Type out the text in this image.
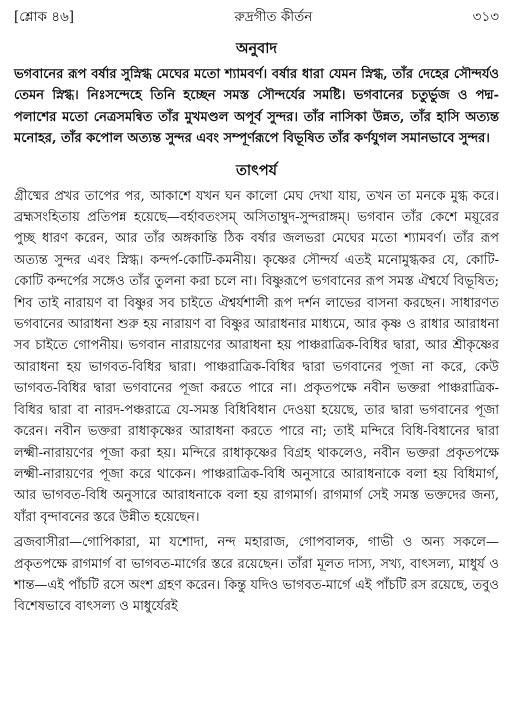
[শ্লোক ৪৬]	রুদ্রগীত কীর্তন	৩১৩
অনুবাদ

ভগবানের রূপ বর্ষার সুস্নিগ্ধ মেঘের মতো শ্যামবর্ণ। বর্ষার ধারা যেমন স্নিগ্ধ, তাঁর দেহের সৌন্দর্যও তেমন স্নিগ্ধ। নিঃসন্দেহে তিনি হচ্ছেন সমস্ত সৌন্দর্যের সমষ্টি। ভগবানের চতুর্ভুজ ও পদ্ম-পলাশের মতো নেত্রসমন্বিত তাঁর মুখমণ্ডল অপূর্ব সুন্দর। তাঁর নাসিকা উন্নত, তাঁর হাসি অত্যন্ত মনোহর, তাঁর কপোল অত্যন্ত সুন্দর এবং সম্পূর্ণরূপে বিভূষিত তাঁর কর্ণযুগল সমানভাবে সুন্দর।

তাৎপর্য

গ্রীষ্মের প্রখর তাপের পর, আকাশে যখন ঘন কালো মেঘ দেখা যায়, তখন তা মনকে মুগ্ধ করে। ব্রহ্মসংহিতায় প্রতিপন্ন হয়েছে—বর্হাবতংসম্ অসিতাম্বুদ-সুন্দরাঙ্গম্। ভগবান তাঁর কেশে ময়ূরের পুচ্ছ ধারণ করেন, আর তাঁর অঙ্গকান্তি ঠিক বর্ষার জলভরা মেঘের মতো শ্যামবর্ণ। তাঁর রূপ অত্যন্ত সুন্দর এবং স্নিগ্ধ। কন্দর্প-কোটি-কমনীয়। কৃষ্ণের সৌন্দর্য এতই মনোমুগ্ধকর যে, কোটি-কোটি কন্দর্পের সঙ্গেও তাঁর তুলনা করা চলে না। বিষ্ণুরূপে ভগবানের রূপ সমস্ত ঐশ্বর্যে বিভূষিত; শিব তাই নারায়ণ বা বিষ্ণুর সব চাইতে ঐশ্বর্যশালী রূপ দর্শন লাভের বাসনা করছেন। সাধারণত ভগবানের আরাধনা শুরু হয় নারায়ণ বা বিষ্ণুর আরাধনার মাধ্যমে, আর কৃষ্ণ ও রাধার আরাধনা সব চাইতে গোপনীয়। ভগবান নারায়ণের আরাধনা হয় পাঞ্চরাত্রিক-বিধির দ্বারা, আর শ্রীকৃষ্ণের আরাধনা হয় ভাগবত-বিধির দ্বারা। পাঞ্চরাত্রিক-বিধির দ্বারা ভগবানের পূজা না করে, কেউ ভাগবত-বিধির দ্বারা ভগবানের পূজা করতে পারে না। প্রকৃতপক্ষে নবীন ভক্তরা পাঞ্চরাত্রিক-বিধির দ্বারা বা নারদ-পঞ্চরাত্রে যে-সমস্ত বিধিবিধান দেওয়া হয়েছে, তার দ্বারা ভগবানের পূজা করেন। নবীন ভক্তরা রাধাকৃষ্ণের আরাধনা করতে পারে না; তাই মন্দিরে বিধি-বিধানের দ্বারা লক্ষ্মী-নারায়ণের পূজা করা হয়। মন্দিরে রাধাকৃষ্ণের বিগ্রহ থাকলেও, নবীন ভক্তরা প্রকৃতপক্ষে লক্ষ্মী-নারায়ণের পূজা করে থাকেন। পাঞ্চরাত্রিক-বিধি অনুসারে আরাধনাকে বলা হয় বিধিমার্গ, আর ভাগবত-বিধি অনুসারে আরাধনাকে বলা হয় রাগমার্গ। রাগমার্গ সেই সমস্ত ভক্তদের জন্য, যাঁরা বৃন্দাবনের স্তরে উন্নীত হয়েছেন।

ব্রজবাসীরা—গোপিকারা, মা যশোদা, নন্দ মহারাজ, গোপবালক, গাভী ও অন্য সকলে—প্রকৃতপক্ষে রাগমার্গ বা ভাগবত-মার্গের স্তরে রয়েছেন। তাঁরা মূলত দাস্য, সখ্য, বাৎসল্য, মাধুর্য ও শান্ত—এই পাঁচটি রসে অংশ গ্রহণ করেন। কিন্তু যদিও ভাগবত-মার্গে এই পাঁচটি রস রয়েছে, তবুও বিশেষভাবে বাৎসল্য ও মাধুর্যেরই
